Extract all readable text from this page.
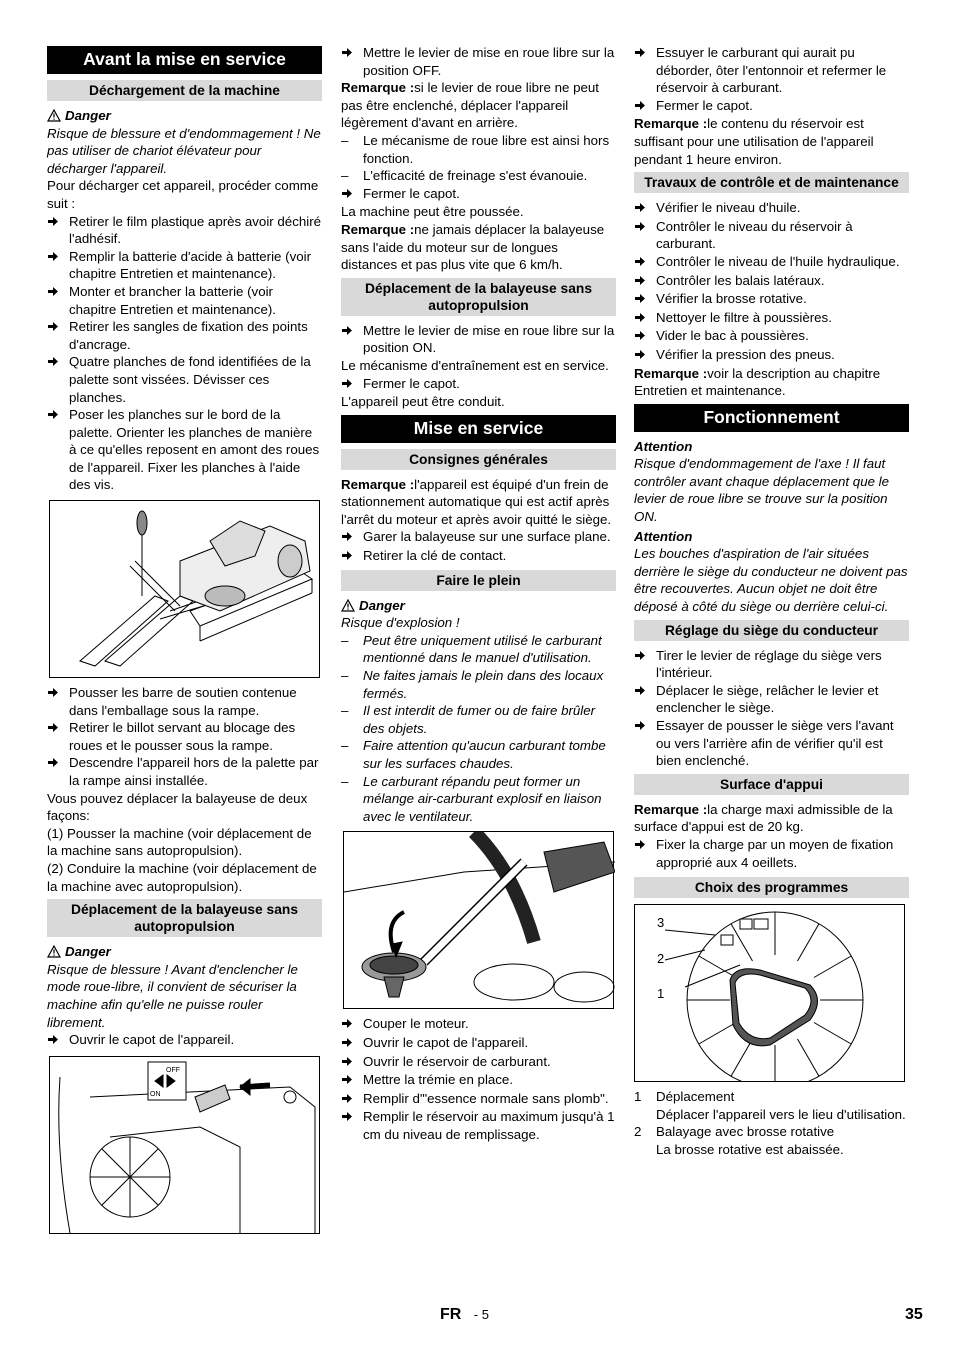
Avant la mise en service
Déchargement de la machine
Danger

Risque de blessure et d'endommagement ! Ne pas utiliser de chariot élévateur pour décharger l'appareil.

Pour décharger cet appareil, procéder comme suit :

Retirer le film plastique après avoir déchiré l'adhésif.
Remplir la batterie d'acide à batterie (voir chapitre Entretien et maintenance).
Monter et brancher la batterie (voir chapitre Entretien et maintenance).
Retirer les sangles de fixation des points d'ancrage.
Quatre planches de fond identifiées de la palette sont vissées. Dévisser ces planches.
Poser les planches sur le bord de la palette. Orienter les planches de manière à ce qu'elles reposent en amont des roues de l'appareil. Fixer les planches à l'aide des vis.
Pousser les barre de soutien contenue dans l'emballage sous la rampe.
Retirer le billot servant au blocage des roues et le pousser sous la rampe.
Descendre l'appareil hors de la palette par la rampe ainsi installée.

Vous pouvez déplacer la balayeuse de deux façons:

(1) Pousser la machine (voir déplacement de la machine sans autopropulsion).

(2) Conduire la machine (voir déplacement de la machine avec autopropulsion).

Déplacement de la balayeuse sans autopropulsion
Danger

Risque de blessure ! Avant d'enclencher le mode roue-libre, il convient de sécuriser la machine afin qu'elle ne puisse rouler librement.

Ouvrir le capot de l'appareil.
OFF
ON
Mettre le levier de mise en roue libre sur la position OFF.

Remarque :si le levier de roue libre ne peut pas être enclenché, déplacer l'appareil légèrement d'avant en arrière.

–	Le mécanisme de roue libre est ainsi hors fonction.
–	L'efficacité de freinage s'est évanouie.
Fermer le capot.

La machine peut être poussée.

Remarque :ne jamais déplacer la balayeuse sans l'aide du moteur sur de longues distances et pas plus vite que 6 km/h.

Déplacement de la balayeuse sans autopropulsion
Mettre le levier de mise en roue libre sur la position ON.

Le mécanisme d'entraînement est en service.

Fermer le capot.

L'appareil peut être conduit.

Mise en service
Consignes générales

Remarque :l'appareil est équipé d'un frein de stationnement automatique qui est actif après l'arrêt du moteur et après avoir quitté le siège.

Garer la balayeuse sur une surface plane.
Retirer la clé de contact.
Faire le plein
Danger

Risque d'explosion !

–	Peut être uniquement utilisé le carburant mentionné dans le manuel d'utilisation.
–	Ne faites jamais le plein dans des locaux fermés.
–	Il est interdit de fumer ou de faire brûler des objets.
–	Faire attention qu'aucun carburant tombe sur les surfaces chaudes.
–	Le carburant répandu peut former un mélange air-carburant explosif en liaison avec le ventilateur.
Couper le moteur.
Ouvrir le capot de l'appareil.
Ouvrir le réservoir de carburant.
Mettre la trémie en place.
Remplir d'"essence normale sans plomb".
Remplir le réservoir au maximum jusqu'à 1 cm du niveau de remplissage.
Essuyer le carburant qui aurait pu déborder, ôter l'entonnoir et refermer le réservoir à carburant.
Fermer le capot.

Remarque :le contenu du réservoir est suffisant pour une utilisation de l'appareil pendant 1 heure environ.

Travaux de contrôle et de maintenance
Vérifier le niveau d'huile.
Contrôler le niveau du réservoir à carburant.
Contrôler le niveau de l'huile hydraulique.
Contrôler les balais latéraux.
Vérifier la brosse rotative.
Nettoyer le filtre à poussières.
Vider le bac à poussières.
Vérifier la pression des pneus.

Remarque :voir la description au chapitre Entretien et maintenance.

Fonctionnement

Attention

Risque d'endommagement de l'axe ! Il faut contrôler avant chaque déplacement que le levier de roue libre se trouve sur la position ON.

Attention

Les bouches d'aspiration de l'air situées derrière le siège du conducteur ne doivent pas être recouvertes. Aucun objet ne doit être déposé à côté du siège ou derrière celui-ci.

Réglage du siège du conducteur
Tirer le levier de réglage du siège vers l'intérieur.
Déplacer le siège, relâcher le levier et enclencher le siège.
Essayer de pousser le siège vers l'avant ou vers l'arrière afin de vérifier qu'il est bien enclenché.
Surface d'appui

Remarque :la charge maxi admissible de la surface d'appui est de 20 kg.

Fixer la charge par un moyen de fixation approprié aux 4 oeillets.
Choix des programmes
3
2
1
1	Déplacement
Déplacer l'appareil vers le lieu d'utilisation.
2	Balayage avec brosse rotative
La brosse rotative est abaissée.
FR - 5	35
